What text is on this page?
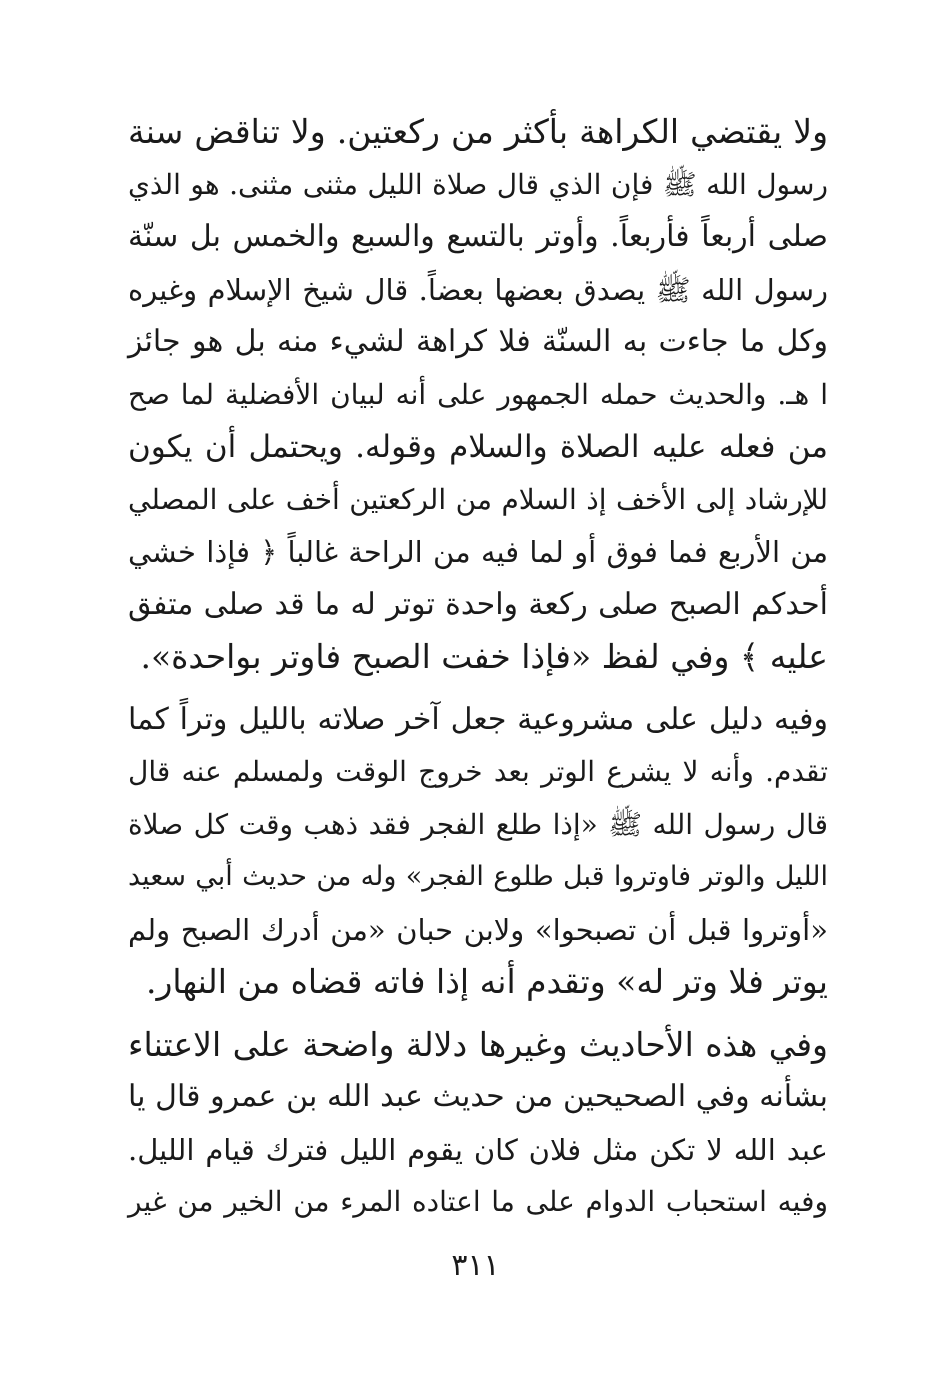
ولا يقتضي الكراهة بأكثر من ركعتين. ولا تناقض سنة
رسول الله ﷺ فإن الذي قال صلاة الليل مثنى مثنى. هو الذي
صلى أربعاً فأربعاً. وأوتر بالتسع والسبع والخمس بل سنّة
رسول الله ﷺ يصدق بعضها بعضاً. قال شيخ الإسلام وغيره
وكل ما جاءت به السنّة فلا كراهة لشيء منه بل هو جائز
ا هـ. والحديث حمله الجمهور على أنه لبيان الأفضلية لما صح
من فعله عليه الصلاة والسلام وقوله. ويحتمل أن يكون
للإرشاد إلى الأخف إذ السلام من الركعتين أخف على المصلي
من الأربع فما فوق أو لما فيه من الراحة غالباً ﴿ فإذا خشي
أحدكم الصبح صلى ركعة واحدة توتر له ما قد صلى متفق
عليه ﴾ وفي لفظ «فإذا خفت الصبح فاوتر بواحدة».

وفيه دليل على مشروعية جعل آخر صلاته بالليل وتراً كما
تقدم. وأنه لا يشرع الوتر بعد خروج الوقت ولمسلم عنه قال
قال رسول الله ﷺ «إذا طلع الفجر فقد ذهب وقت كل صلاة
الليل والوتر فاوتروا قبل طلوع الفجر» وله من حديث أبي سعيد
«أوتروا قبل أن تصبحوا» ولابن حبان «من أدرك الصبح ولم
يوتر فلا وتر له» وتقدم أنه إذا فاته قضاه من النهار.

وفي هذه الأحاديث وغيرها دلالة واضحة على الاعتناء
بشأنه وفي الصحيحين من حديث عبد الله بن عمرو قال يا
عبد الله لا تكن مثل فلان كان يقوم الليل فترك قيام الليل.
وفيه استحباب الدوام على ما اعتاده المرء من الخير من غير

٣١١
